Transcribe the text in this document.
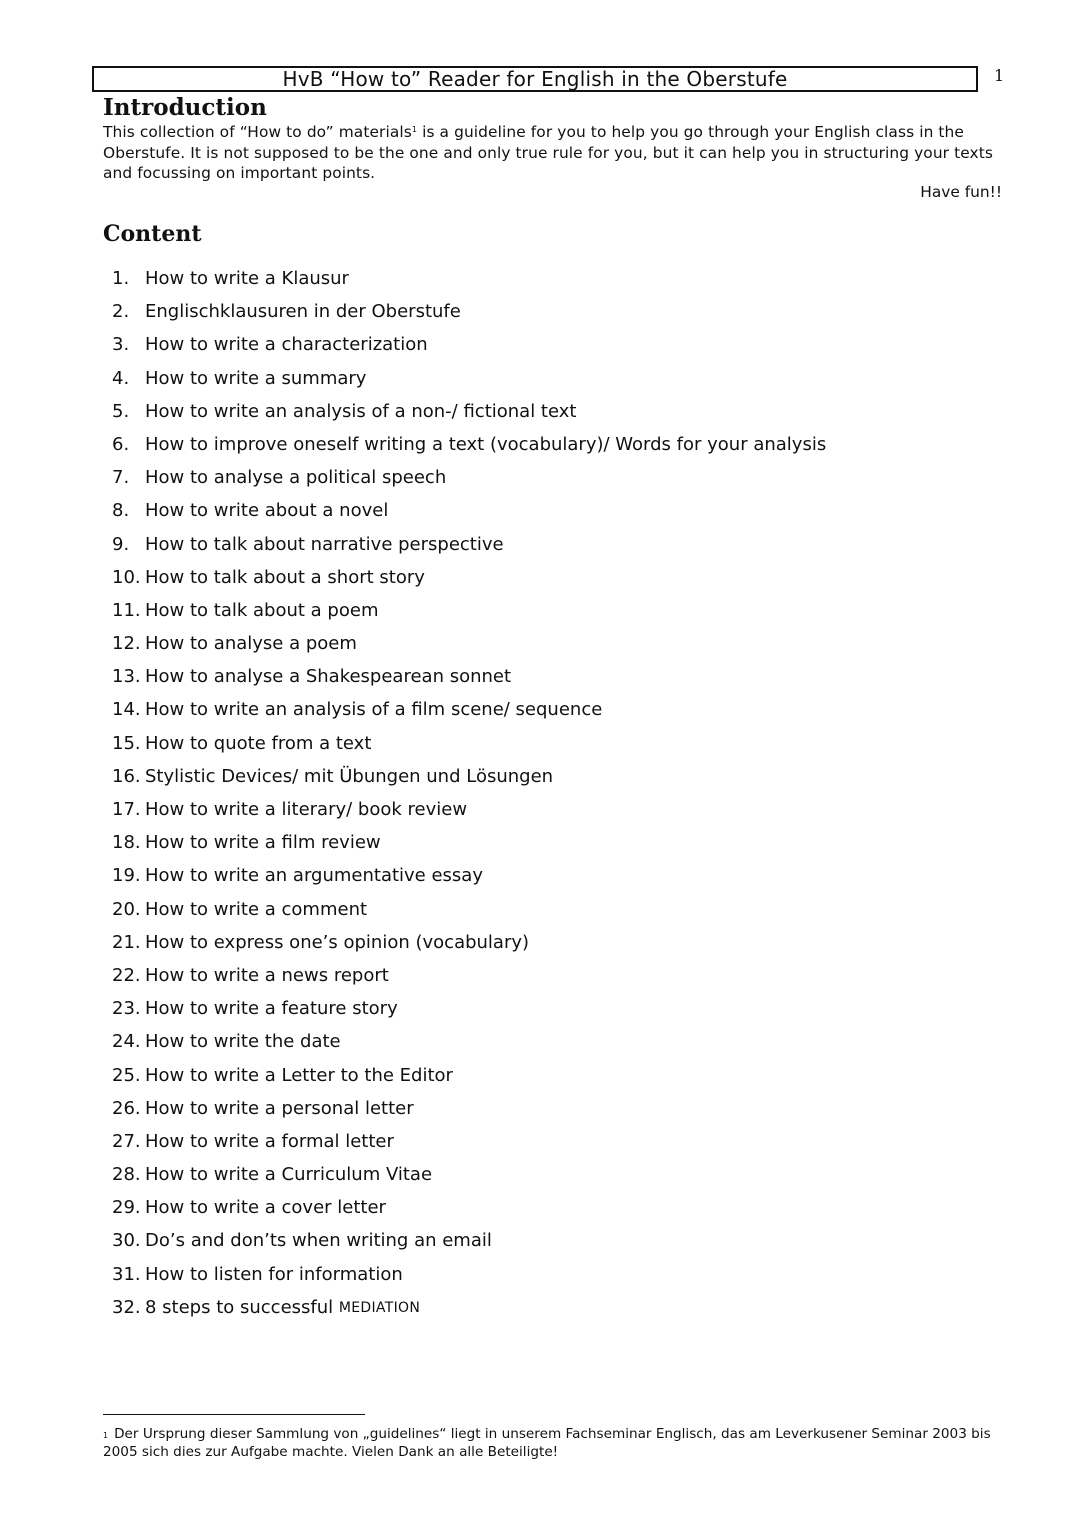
HvB “How to” Reader for English in the Oberstufe	1
Introduction

This collection of “How to do” materials$^1$ is a guideline for you to help you go through your English class in the Oberstufe. It is not supposed to be the one and only true rule for you, but it can help you in structuring your texts and focussing on important points.

Have fun!!
Content
1. How to write a Klausur
2. Englischklausuren in der Oberstufe
3. How to write a characterization
4. How to write a summary
5. How to write an analysis of a non-/ fictional text
6. How to improve oneself writing a text (vocabulary)/ Words for your analysis
7. How to analyse a political speech
8. How to write about a novel
9. How to talk about narrative perspective
10. How to talk about a short story
11. How to talk about a poem
12. How to analyse a poem
13. How to analyse a Shakespearean sonnet
14. How to write an analysis of a film scene/ sequence
15. How to quote from a text
16. Stylistic Devices/ mit Übungen und Lösungen
17. How to write a literary/ book review
18. How to write a film review
19. How to write an argumentative essay
20. How to write a comment
21. How to express one’s opinion (vocabulary)
22. How to write a news report
23. How to write a feature story
24. How to write the date
25. How to write a Letter to the Editor
26. How to write a personal letter
27. How to write a formal letter
28. How to write a Curriculum Vitae
29. How to write a cover letter
30. Do’s and don’ts when writing an email
31. How to listen for information
32. 8 steps to successful MEDIATION

$^1$ Der Ursprung dieser Sammlung von „guidelines“ liegt in unserem Fachseminar Englisch, das am Leverkusener Seminar 2003 bis 2005 sich dies zur Aufgabe machte. Vielen Dank an alle Beteiligte!
